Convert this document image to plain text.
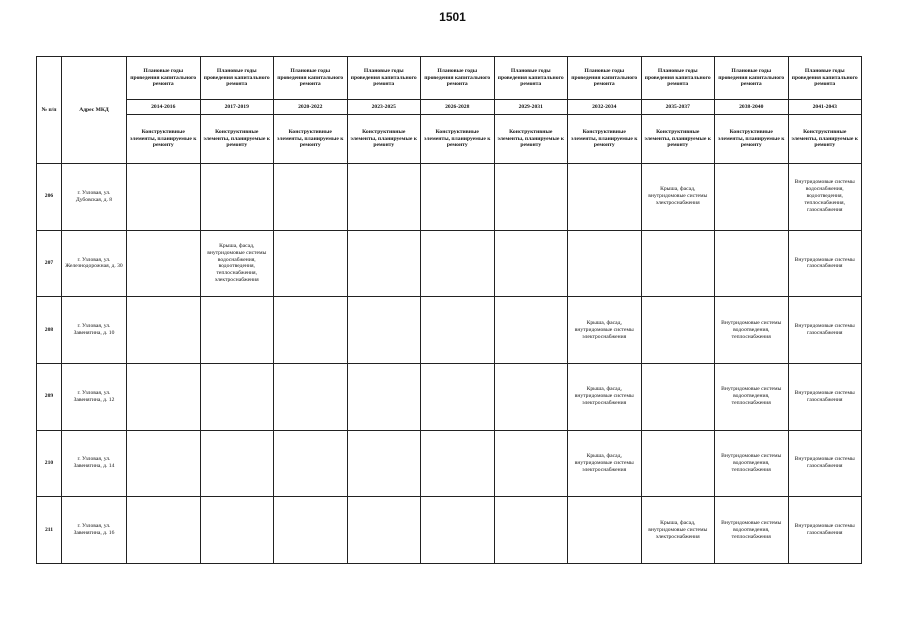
1501
№ п/п	Адрес МКД	Плановые годы проведения капитального ремонта	Плановые годы проведения капитального ремонта	Плановые годы проведения капитального ремонта	Плановые годы проведения капитального ремонта	Плановые годы проведения капитального ремонта	Плановые годы проведения капитального ремонта	Плановые годы проведения капитального ремонта	Плановые годы проведения капитального ремонта	Плановые годы проведения капитального ремонта	Плановые годы проведения капитального ремонта
		2014-2016	2017-2019	2020-2022	2023-2025	2026-2028	2029-2031	2032-2034	2035-2037	2038-2040	2041-2043
		Конструктивные элементы, планируемые к ремонту	Конструктивные элементы, планируемые к ремонту	Конструктивные элементы, планируемые к ремонту	Конструктивные элементы, планируемые к ремонту	Конструктивные элементы, планируемые к ремонту	Конструктивные элементы, планируемые к ремонту	Конструктивные элементы, планируемые к ремонту	Конструктивные элементы, планируемые к ремонту	Конструктивные элементы, планируемые к ремонту	Конструктивные элементы, планируемые к ремонту
206	г. Узловая, ул. Дубовская, д. 8								Крыша, фасад, внутридомовые системы электроснабжения		Внутридомовые системы водоснабжения, водоотведения, теплоснабжения, газоснабжения
207	г. Узловая, ул. Железнодорожная, д. 30		Крыша, фасад, внутридомовые системы водоснабжения, водоотведения, теплоснабжения, электроснабжения								Внутридомовые системы газоснабжения
208	г. Узловая, ул. Завенягина, д. 10							Крыша, фасад, внутридомовые системы электроснабжения		Внутридомовые системы водоотведения, теплоснабжения	Внутридомовые системы газоснабжения
209	г. Узловая, ул. Завенягина, д. 12							Крыша, фасад, внутридомовые системы электроснабжения		Внутридомовые системы водоотведения, теплоснабжения	Внутридомовые системы газоснабжения
210	г. Узловая, ул. Завенягина, д. 14							Крыша, фасад, внутридомовые системы электроснабжения		Внутридомовые системы водоотведения, теплоснабжения	Внутридомовые системы газоснабжения
211	г. Узловая, ул. Завенягина, д. 16								Крыша, фасад, внутридомовые системы электроснабжения	Внутридомовые системы водоотведения, теплоснабжения	Внутридомовые системы газоснабжения
